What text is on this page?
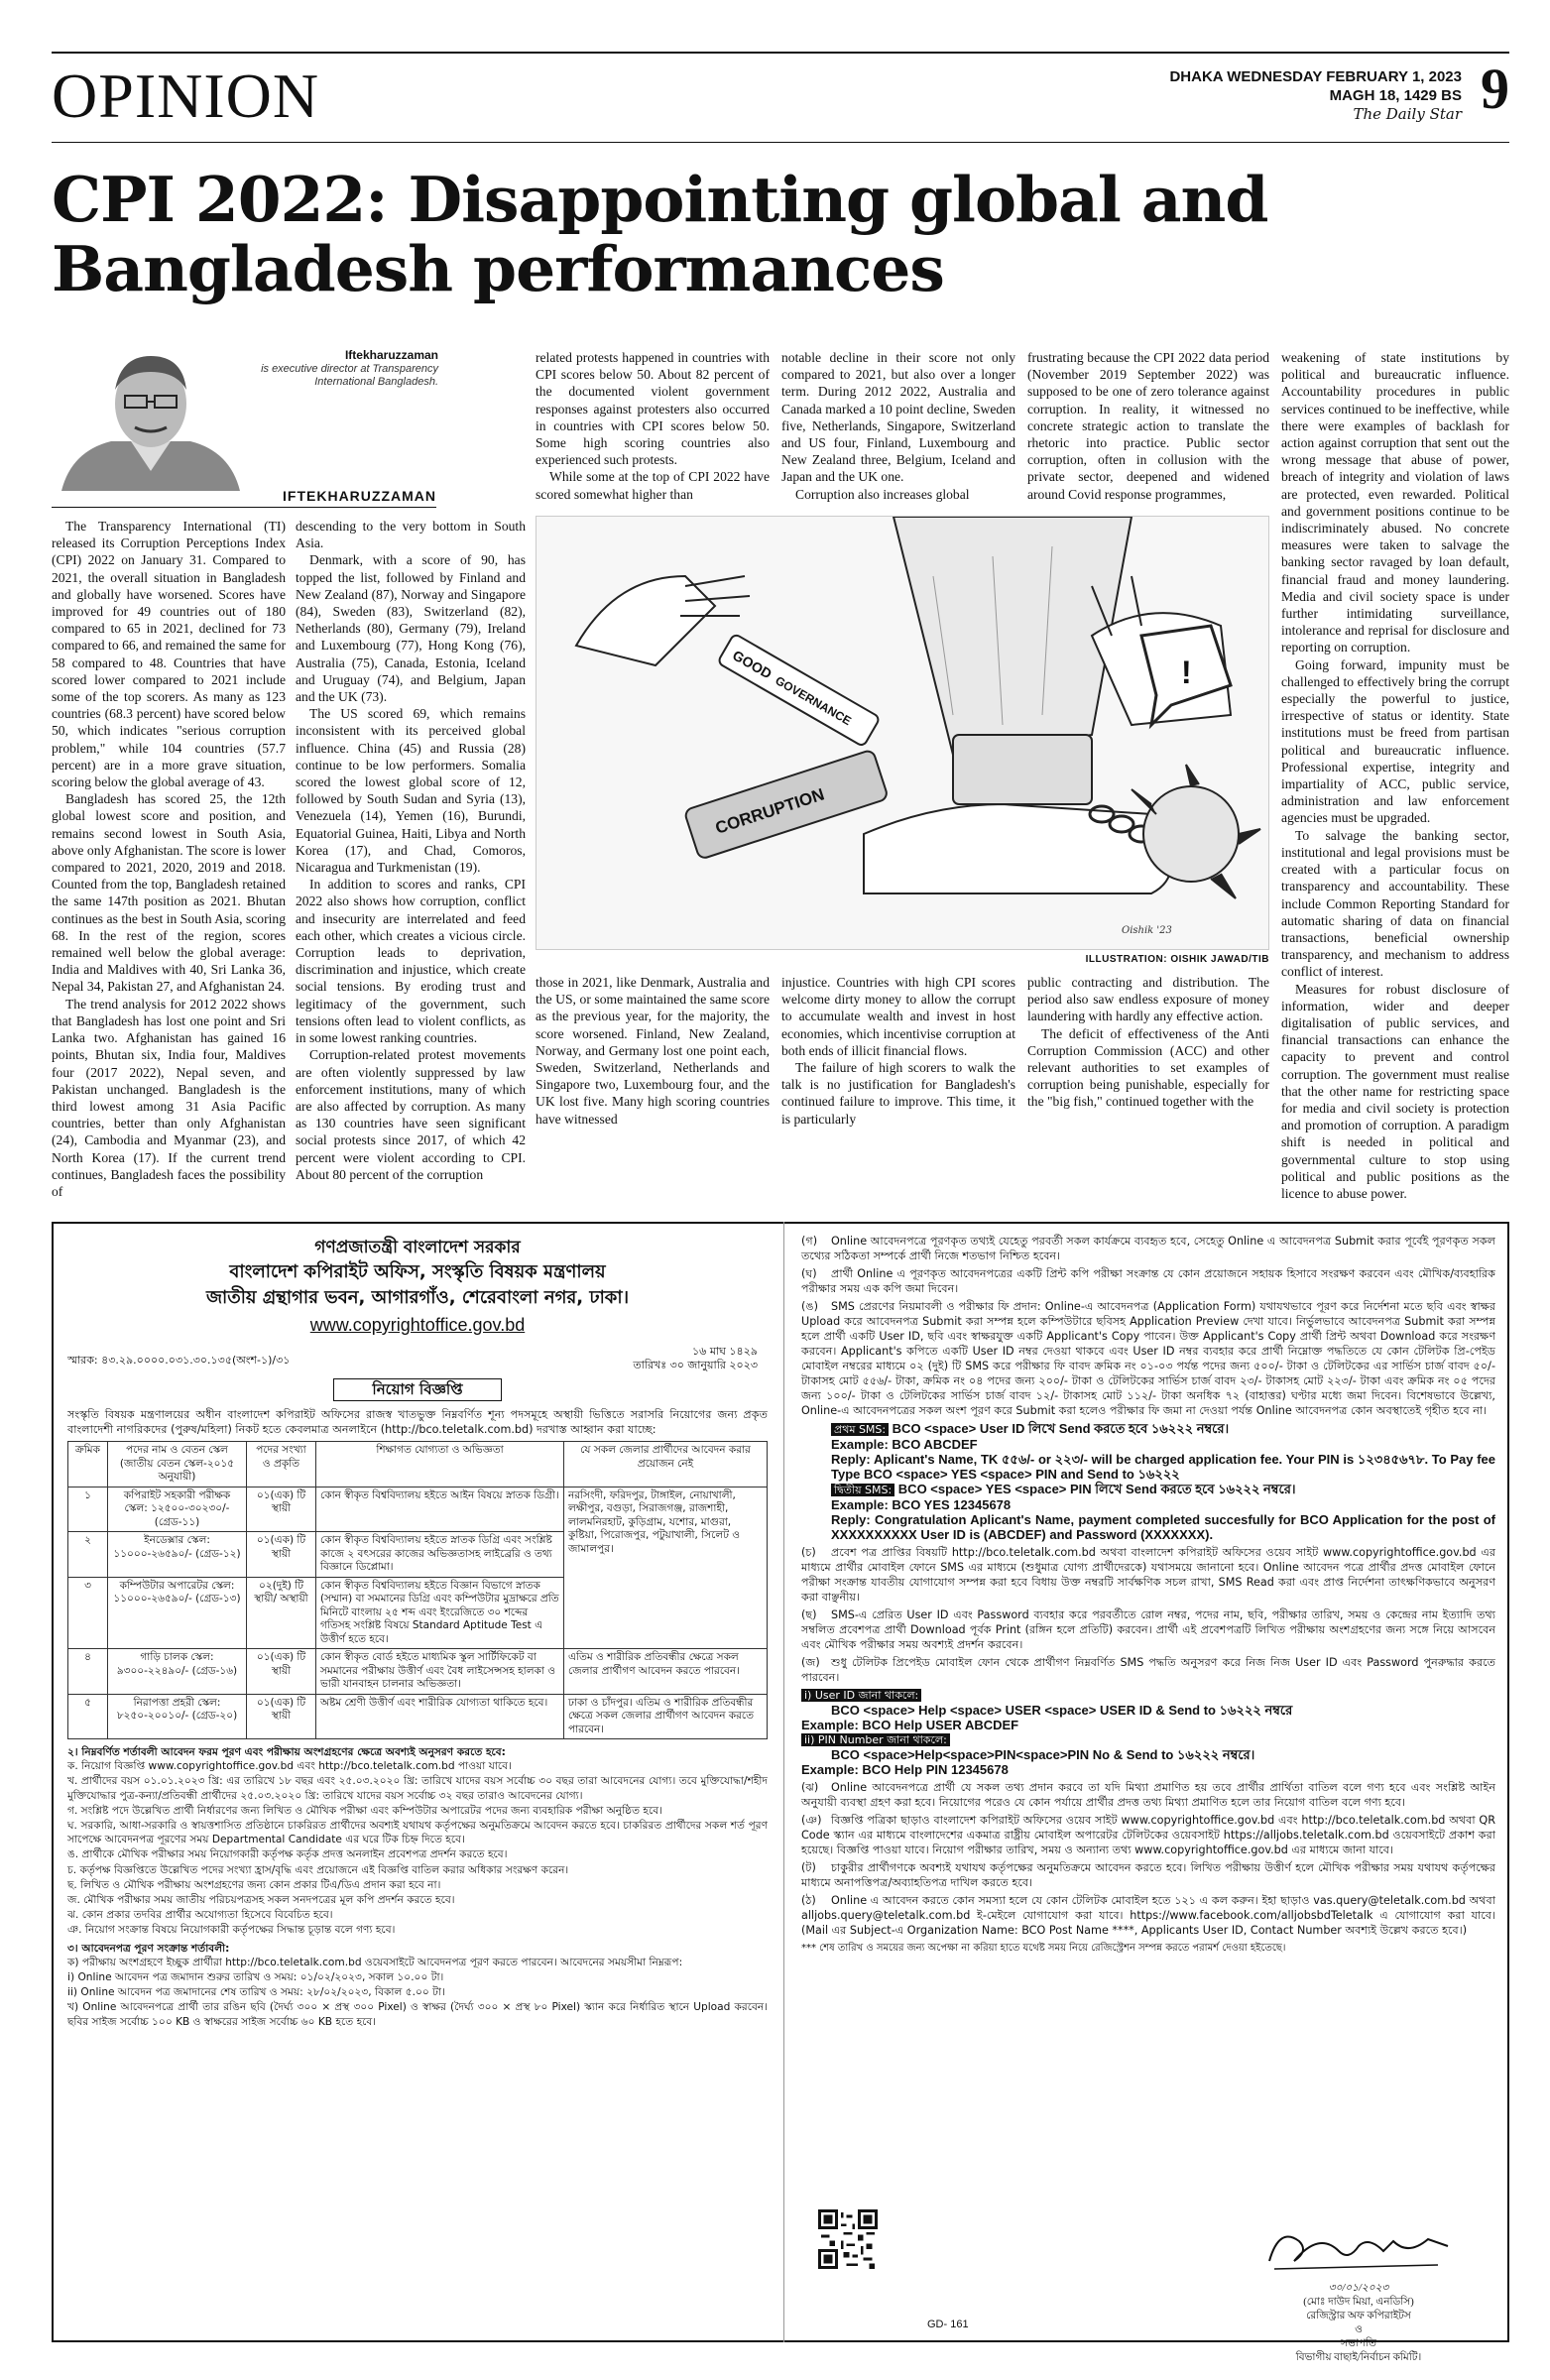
OPINION	DHAKA WEDNESDAY FEBRUARY 1, 2023
MAGH 18, 1429 BS
The Daily Star 9
CPI 2022: Disappointing global and
Bangladesh performances
Iftekharuzzaman
is executive director at Transparency International Bangladesh.
IFTEKHARUZZAMAN

The Transparency International (TI) released its Corruption Perceptions Index (CPI) 2022 on January 31. Compared to 2021, the overall situation in Bangladesh and globally have worsened. Scores have improved for 49 countries out of 180 compared to 65 in 2021, declined for 73 compared to 66, and remained the same for 58 compared to 48. Countries that have scored lower compared to 2021 include some of the top scorers. As many as 123 countries (68.3 percent) have scored below 50, which indicates "serious corruption problem," while 104 countries (57.7 percent) are in a more grave situation, scoring below the global average of 43.

Bangladesh has scored 25, the 12th global lowest score and position, and remains second lowest in South Asia, above only Afghanistan. The score is lower compared to 2021, 2020, 2019 and 2018. Counted from the top, Bangladesh retained the same 147th position as 2021. Bhutan continues as the best in South Asia, scoring 68. In the rest of the region, scores remained well below the global average: India and Maldives with 40, Sri Lanka 36, Nepal 34, Pakistan 27, and Afghanistan 24.

The trend analysis for 2012 2022 shows that Bangladesh has lost one point and Sri Lanka two. Afghanistan has gained 16 points, Bhutan six, India four, Maldives four (2017 2022), Nepal seven, and Pakistan unchanged. Bangladesh is the third lowest among 31 Asia Pacific countries, better than only Afghanistan (24), Cambodia and Myanmar (23), and North Korea (17). If the current trend continues, Bangladesh faces the possibility of

descending to the very bottom in South Asia.

Denmark, with a score of 90, has topped the list, followed by Finland and New Zealand (87), Norway and Singapore (84), Sweden (83), Switzerland (82), Netherlands (80), Germany (79), Ireland and Luxembourg (77), Hong Kong (76), Australia (75), Canada, Estonia, Iceland and Uruguay (74), and Belgium, Japan and the UK (73).

The US scored 69, which remains inconsistent with its perceived global influence. China (45) and Russia (28) continue to be low performers. Somalia scored the lowest global score of 12, followed by South Sudan and Syria (13), Venezuela (14), Yemen (16), Burundi, Equatorial Guinea, Haiti, Libya and North Korea (17), and Chad, Comoros, Nicaragua and Turkmenistan (19).

In addition to scores and ranks, CPI 2022 also shows how corruption, conflict and insecurity are interrelated and feed each other, which creates a vicious circle. Corruption leads to deprivation, discrimination and injustice, which create social tensions. By eroding trust and legitimacy of the government, such tensions often lead to violent conflicts, as in some lowest ranking countries.

Corruption-related protest movements are often violently suppressed by law enforcement institutions, many of which are also affected by corruption. As many as 130 countries have seen significant social protests since 2017, of which 42 percent were violent according to CPI. About 80 percent of the corruption

related protests happened in countries with CPI scores below 50. About 82 percent of the documented violent government responses against protesters also occurred in countries with CPI scores below 50. Some high scoring countries also experienced such protests.

While some at the top of CPI 2022 have scored somewhat higher than

notable decline in their score not only compared to 2021, but also over a longer term. During 2012 2022, Australia and Canada marked a 10 point decline, Sweden five, Netherlands, Singapore, Switzerland and US four, Finland, Luxembourg and New Zealand three, Belgium, Iceland and Japan and the UK one.

Corruption also increases global

frustrating because the CPI 2022 data period (November 2019 September 2022) was supposed to be one of zero tolerance against corruption. In reality, it witnessed no concrete strategic action to translate the rhetoric into practice. Public sector corruption, often in collusion with the private sector, deepened and widened around Covid response programmes,

GOOD
GOVERNANCE
CORRUPTION
!
Oishik '23
ILLUSTRATION: OISHIK JAWAD/TIB

those in 2021, like Denmark, Australia and the US, or some maintained the same score as the previous year, for the majority, the score worsened. Finland, New Zealand, Norway, and Germany lost one point each, Sweden, Switzerland, Netherlands and Singapore two, Luxembourg four, and the UK lost five. Many high scoring countries have witnessed

injustice. Countries with high CPI scores welcome dirty money to allow the corrupt to accumulate wealth and invest in host economies, which incentivise corruption at both ends of illicit financial flows.

The failure of high scorers to walk the talk is no justification for Bangladesh's continued failure to improve. This time, it is particularly

public contracting and distribution. The period also saw endless exposure of money laundering with hardly any effective action.

The deficit of effectiveness of the Anti Corruption Commission (ACC) and other relevant authorities to set examples of corruption being punishable, especially for the "big fish," continued together with the

weakening of state institutions by political and bureaucratic influence. Accountability procedures in public services continued to be ineffective, while there were examples of backlash for action against corruption that sent out the wrong message that abuse of power, breach of integrity and violation of laws are protected, even rewarded. Political and government positions continue to be indiscriminately abused. No concrete measures were taken to salvage the banking sector ravaged by loan default, financial fraud and money laundering. Media and civil society space is under further intimidating surveillance, intolerance and reprisal for disclosure and reporting on corruption.

Going forward, impunity must be challenged to effectively bring the corrupt especially the powerful to justice, irrespective of status or identity. State institutions must be freed from partisan political and bureaucratic influence. Professional expertise, integrity and impartiality of ACC, public service, administration and law enforcement agencies must be upgraded.

To salvage the banking sector, institutional and legal provisions must be created with a particular focus on transparency and accountability. These include Common Reporting Standard for automatic sharing of data on financial transactions, beneficial ownership transparency, and mechanism to address conflict of interest.

Measures for robust disclosure of information, wider and deeper digitalisation of public services, and financial transactions can enhance the capacity to prevent and control corruption. The government must realise that the other name for restricting space for media and civil society is protection and promotion of corruption. A paradigm shift is needed in political and governmental culture to stop using political and public positions as the licence to abuse power.

গণপ্রজাতন্ত্রী বাংলাদেশ সরকার
বাংলাদেশ কপিরাইট অফিস, সংস্কৃতি বিষয়ক মন্ত্রণালয়
জাতীয় গ্রন্থাগার ভবন, আগারগাঁও, শেরেবাংলা নগর, ঢাকা।
www.copyrightoffice.gov.bd
স্মারক: ৪৩.২৯.০০০০.০৩১.৩০.১৩৫(অংশ-১)/৩১
১৬ মাঘ ১৪২৯
তারিখঃ ৩০ জানুয়ারি ২০২৩
নিয়োগ বিজ্ঞপ্তি
সংস্কৃতি বিষয়ক মন্ত্রণালয়ের অধীন বাংলাদেশ কপিরাইট অফিসের রাজস্ব খাতভুক্ত নিম্নবর্ণিত শূন্য পদসমূহে অস্থায়ী ভিত্তিতে সরাসরি নিয়োগের জন্য প্রকৃত বাংলাদেশী নাগরিকদের (পুরুষ/মহিলা) নিকট হতে কেবলমাত্র অনলাইনে (http://bco.teletalk.com.bd) দরখাস্ত আহ্বান করা যাচ্ছে:
ক্রমিক	পদের নাম ও বেতন স্কেল (জাতীয় বেতন স্কেল-২০১৫ অনুযায়ী)	পদের সংখ্যা ও প্রকৃতি	শিক্ষাগত যোগ্যতা ও অভিজ্ঞতা	যে সকল জেলার প্রার্থীদের আবেদন করার প্রয়োজন নেই
১	কপিরাইট সহকারী পরীক্ষক স্কেল: ১২৫০০-৩০২৩০/- (গ্রেড-১১)	০১(এক) টি স্থায়ী	কোন স্বীকৃত বিশ্ববিদ্যালয় হইতে আইন বিষয়ে স্নাতক ডিগ্রী।	নরসিংদী, ফরিদপুর, টাঙ্গাইল, নোয়াখালী, লক্ষীপুর, বগুড়া, সিরাজগঞ্জ, রাজশাহী, লালমনিরহাট, কুড়িগ্রাম, যশোর, মাগুরা, কুষ্টিয়া, পিরোজপুর, পটুয়াখালী, সিলেট ও জামালপুর।
২	ইনডেক্সার স্কেল: ১১০০০-২৬৫৯০/- (গ্রেড-১২)	০১(এক) টি স্থায়ী	কোন স্বীকৃত বিশ্ববিদ্যালয় হইতে স্নাতক ডিগ্রি এবং সংশ্লিষ্ট কাজে ২ বৎসরের কাজের অভিজ্ঞতাসহ লাইব্রেরি ও তথ্য বিজ্ঞানে ডিপ্লোমা।	
৩	কম্পিউটার অপারেটর স্কেল: ১১০০০-২৬৫৯০/- (গ্রেড-১৩)	০২(দুই) টি স্থায়ী/ অস্থায়ী	কোন স্বীকৃত বিশ্ববিদ্যালয় হইতে বিজ্ঞান বিভাগে স্নাতক (সম্মান) বা সমমানের ডিগ্রি এবং কম্পিউটার মুদ্রাক্ষরে প্রতি মিনিটে বাংলায় ২৫ শব্দ এবং ইংরেজিতে ৩০ শব্দের গতিসহ সংশ্লিষ্ট বিষয়ে Standard Aptitude Test এ উত্তীর্ণ হতে হবে।	
৪	গাড়ি চালক স্কেল: ৯৩০০-২২৪৯০/- (গ্রেড-১৬)	০১(এক) টি স্থায়ী	কোন স্বীকৃত বোর্ড হইতে মাধ্যমিক স্কুল সার্টিফিকেট বা সমমানের পরীক্ষায় উত্তীর্ণ এবং বৈধ লাইসেন্সসহ হালকা ও ভারী যানবাহন চালনার অভিজ্ঞতা।	এতিম ও শারীরিক প্রতিবন্ধীর ক্ষেত্রে সকল জেলার প্রার্থীগণ আবেদন করতে পারবেন।
৫	নিরাপত্তা প্রহরী স্কেল: ৮২৫০-২০০১০/- (গ্রেড-২০)	০১(এক) টি স্থায়ী	অষ্টম শ্রেণী উত্তীর্ণ এবং শারীরিক যোগ্যতা থাকিতে হবে।	ঢাকা ও চাঁদপুর। এতিম ও শারীরিক প্রতিবন্ধীর ক্ষেত্রে সকল জেলার প্রার্থীগণ আবেদন করতে পারবেন।
২। নিম্নবর্ণিত শর্তাবলী আবেদন ফরম পূরণ এবং পরীক্ষায় অংশগ্রহণের ক্ষেত্রে অবশ্যই অনুসরণ করতে হবে:

ক. নিয়োগ বিজ্ঞপ্তি www.copyrightoffice.gov.bd এবং http://bco.teletalk.com.bd পাওয়া যাবে।

খ. প্রার্থীদের বয়স ০১.০১.২০২৩ খ্রি: এর তারিখে ১৮ বছর এবং ২৫.০৩.২০২০ খ্রি: তারিখে যাদের বয়স সর্বোচ্চ ৩০ বছর তারা আবেদনের যোগ্য। তবে মুক্তিযোদ্ধা/শহীদ মুক্তিযোদ্ধার পুত্র-কন্যা/প্রতিবন্ধী প্রার্থীদের ২৫.০৩.২০২০ খ্রি: তারিখে যাদের বয়স সর্বোচ্চ ৩২ বছর তারাও আবেদনের যোগ্য।

গ. সংশ্লিষ্ট পদে উল্লেখিত প্রার্থী নির্ধারণের জন্য লিখিত ও মৌখিক পরীক্ষা এবং কম্পিউটার অপারেটর পদের জন্য ব্যবহারিক পরীক্ষা অনুষ্ঠিত হবে।

ঘ. সরকারি, আধা-সরকারি ও স্বায়ত্তশাসিত প্রতিষ্ঠানে চাকরিরত প্রার্থীদের অবশ্যই যথাযথ কর্তৃপক্ষের অনুমতিক্রমে আবেদন করতে হবে। চাকরিরত প্রার্থীদের সকল শর্ত পূরণ সাপেক্ষে আবেদনপত্র পূরণের সময় Departmental Candidate এর ঘরে টিক চিহ্ন দিতে হবে।

ঙ. প্রার্থীকে মৌখিক পরীক্ষার সময় নিয়োগকারী কর্তৃপক্ষ কর্তৃক প্রদত্ত অনলাইন প্রবেশপত্র প্রদর্শন করতে হবে।

চ. কর্তৃপক্ষ বিজ্ঞপ্তিতে উল্লেখিত পদের সংখ্যা হ্রাস/বৃদ্ধি এবং প্রয়োজনে এই বিজ্ঞপ্তি বাতিল করার অধিকার সংরক্ষণ করেন।

ছ. লিখিত ও মৌখিক পরীক্ষায় অংশগ্রহণের জন্য কোন প্রকার টিএ/ডিএ প্রদান করা হবে না।

জ. মৌখিক পরীক্ষার সময় জাতীয় পরিচয়পত্রসহ সকল সনদপত্রের মূল কপি প্রদর্শন করতে হবে।

ঝ. কোন প্রকার তদবির প্রার্থীর অযোগ্যতা হিসেবে বিবেচিত হবে।

ঞ. নিয়োগ সংক্রান্ত বিষয়ে নিয়োগকারী কর্তৃপক্ষের সিদ্ধান্ত চূড়ান্ত বলে গণ্য হবে।

৩। আবেদনপত্র পূরণ সংক্রান্ত শর্তাবলী:

ক) পরীক্ষায় অংশগ্রহণে ইচ্ছুক প্রার্থীরা http://bco.teletalk.com.bd ওয়েবসাইটে আবেদনপত্র পূরণ করতে পারবেন। আবেদনের সময়সীমা নিম্নরূপ:

i) Online আবেদন পত্র জমাদান শুরুর তারিখ ও সময়: ০১/০২/২০২৩, সকাল ১০.০০ টা।

ii) Online আবেদন পত্র জমাদানের শেষ তারিখ ও সময়: ২৮/০২/২০২৩, বিকাল ৫.০০ টা।

খ) Online আবেদনপত্রে প্রার্থী তার রঙিন ছবি (দৈর্ঘ্য ৩০০ × প্রস্থ ৩০০ Pixel) ও স্বাক্ষর (দৈর্ঘ্য ৩০০ × প্রস্থ ৮০ Pixel) স্ক্যান করে নির্ধারিত স্থানে Upload করবেন। ছবির সাইজ সর্বোচ্চ ১০০ KB ও স্বাক্ষরের সাইজ সর্বোচ্চ ৬০ KB হতে হবে।

(গ) Online আবেদনপত্রে পূরণকৃত তথ্যই যেহেতু পরবর্তী সকল কার্যক্রমে ব্যবহৃত হবে, সেহেতু Online এ আবেদনপত্র Submit করার পূর্বেই পূরণকৃত সকল তথ্যের সঠিকতা সম্পর্কে প্রার্থী নিজে শতভাগ নিশ্চিত হবেন।
(ঘ) প্রার্থী Online এ পূরণকৃত আবেদনপত্রের একটি প্রিন্ট কপি পরীক্ষা সংক্রান্ত যে কোন প্রয়োজনে সহায়ক হিসাবে সংরক্ষণ করবেন এবং মৌখিক/ব্যবহারিক পরীক্ষার সময় এক কপি জমা দিবেন।
(ঙ) SMS প্রেরণের নিয়মাবলী ও পরীক্ষার ফি প্রদান: Online-এ আবেদনপত্র (Application Form) যথাযথভাবে পূরণ করে নির্দেশনা মতে ছবি এবং স্বাক্ষর Upload করে আবেদনপত্র Submit করা সম্পন্ন হলে কম্পিউটারে ছবিসহ Application Preview দেখা যাবে। নির্ভুলভাবে আবেদনপত্র Submit করা সম্পন্ন হলে প্রার্থী একটি User ID, ছবি এবং স্বাক্ষরযুক্ত একটি Applicant's Copy পাবেন। উক্ত Applicant's Copy প্রার্থী প্রিন্ট অথবা Download করে সংরক্ষণ করবেন। Applicant's কপিতে একটি User ID নম্বর দেওয়া থাকবে এবং User ID নম্বর ব্যবহার করে প্রার্থী নিম্নোক্ত পদ্ধতিতে যে কোন টেলিটক প্রি-পেইড মোবাইল নম্বরের মাধ্যমে ০২ (দুই) টি SMS করে পরীক্ষার ফি বাবদ ক্রমিক নং ০১-০৩ পর্যন্ত পদের জন্য ৫০০/- টাকা ও টেলিটকের এর সার্ভিস চার্জ বাবদ ৫০/- টাকাসহ মোট ৫৫৬/- টাকা, ক্রমিক নং ০৪ পদের জন্য ২০০/- টাকা ও টেলিটকের সার্ভিস চার্জ বাবদ ২৩/- টাকাসহ মোট ২২৩/- টাকা এবং ক্রমিক নং ০৫ পদের জন্য ১০০/- টাকা ও টেলিটকের সার্ভিস চার্জ বাবদ ১২/- টাকাসহ মোট ১১২/- টাকা অনধিক ৭২ (বাহাত্তর) ঘণ্টার মধ্যে জমা দিবেন। বিশেষভাবে উল্লেখ্য, Online-এ আবেদনপত্রের সকল অংশ পূরণ করে Submit করা হলেও পরীক্ষার ফি জমা না দেওয়া পর্যন্ত Online আবেদনপত্র কোন অবস্থাতেই গৃহীত হবে না।
প্রথম SMS: BCO <space> User ID লিখে Send করতে হবে ১৬২২২ নম্বরে।
Example: BCO ABCDEF
Reply: Aplicant's Name, TK ৫৫৬/- or ২২৩/- will be charged application fee. Your PIN is ১২৩৪৫৬৭৮. To Pay fee Type BCO <space> YES <space> PIN and Send to ১৬২২২
দ্বিতীয় SMS: BCO <space> YES <space> PIN লিখে Send করতে হবে ১৬২২২ নম্বরে।
Example: BCO YES 12345678
Reply: Congratulation Aplicant's Name, payment completed succesfully for BCO Application for the post of XXXXXXXXXX User ID is (ABCDEF) and Password (XXXXXXX).
(চ) প্রবেশ পত্র প্রাপ্তির বিষয়টি http://bco.teletalk.com.bd অথবা বাংলাদেশ কপিরাইট অফিসের ওয়েব সাইট www.copyrightoffice.gov.bd এর মাধ্যমে প্রার্থীর মোবাইল ফোনে SMS এর মাধ্যমে (শুধুমাত্র যোগ্য প্রার্থীদেরকে) যথাসময়ে জানানো হবে। Online আবেদন পত্রে প্রার্থীর প্রদত্ত মোবাইল ফোনে পরীক্ষা সংক্রান্ত যাবতীয় যোগাযোগ সম্পন্ন করা হবে বিধায় উক্ত নম্বরটি সার্বক্ষণিক সচল রাখা, SMS Read করা এবং প্রাপ্ত নির্দেশনা তাৎক্ষণিকভাবে অনুসরণ করা বাঞ্ছনীয়।
(ছ) SMS-এ প্রেরিত User ID এবং Password ব্যবহার করে পরবর্তীতে রোল নম্বর, পদের নাম, ছবি, পরীক্ষার তারিখ, সময় ও কেন্দ্রের নাম ইত্যাদি তথ্য সম্বলিত প্রবেশপত্র প্রার্থী Download পূর্বক Print (রঙ্গিন হলে প্রতিটি) করবেন। প্রার্থী এই প্রবেশপত্রটি লিখিত পরীক্ষায় অংশগ্রহণের জন্য সঙ্গে নিয়ে আসবেন এবং মৌখিক পরীক্ষার সময় অবশ্যই প্রদর্শন করবেন।
(জ) শুধু টেলিটক প্রিপেইড মোবাইল ফোন থেকে প্রার্থীগণ নিম্নবর্ণিত SMS পদ্ধতি অনুসরণ করে নিজ নিজ User ID এবং Password পুনরুদ্ধার করতে পারবেন।
i) User ID জানা থাকলে:
BCO <space> Help <space> USER <space> USER ID & Send to ১৬২২২ নম্বরে
Example: BCO Help USER ABCDEF
ii) PIN Number জানা থাকলে:
BCO <space>Help<space>PIN<space>PIN No & Send to ১৬২২২ নম্বরে।
Example: BCO Help PIN 12345678
(ঝ) Online আবেদনপত্রে প্রার্থী যে সকল তথ্য প্রদান করবে তা যদি মিথ্যা প্রমাণিত হয় তবে প্রার্থীর প্রার্থিতা বাতিল বলে গণ্য হবে এবং সংশ্লিষ্ট আইন অনুযায়ী ব্যবস্থা গ্রহণ করা হবে। নিয়োগের পরেও যে কোন পর্যায়ে প্রার্থীর প্রদত্ত তথ্য মিথ্যা প্রমাণিত হলে তার নিয়োগ বাতিল বলে গণ্য হবে।
(ঞ) বিজ্ঞপ্তি পত্রিকা ছাড়াও বাংলাদেশ কপিরাইট অফিসের ওয়েব সাইট www.copyrightoffice.gov.bd এবং http://bco.teletalk.com.bd অথবা QR Code স্ক্যান এর মাধ্যমে বাংলাদেশের একমাত্র রাষ্ট্রীয় মোবাইল অপারেটর টেলিটকের ওয়েবসাইট https://alljobs.teletalk.com.bd ওয়েবসাইটে প্রকাশ করা হয়েছে। বিজ্ঞপ্তি পাওয়া যাবে। নিয়োগ পরীক্ষার তারিখ, সময় ও অন্যান্য তথ্য www.copyrightoffice.gov.bd এর মাধ্যমে জানা যাবে।
(ট) চাকুরীর প্রার্থীগণকে অবশ্যই যথাযথ কর্তৃপক্ষের অনুমতিক্রমে আবেদন করতে হবে। লিখিত পরীক্ষায় উত্তীর্ণ হলে মৌখিক পরীক্ষার সময় যথাযথ কর্তৃপক্ষের মাধ্যমে অনাপত্তিপত্র/অব্যাহতিপত্র দাখিল করতে হবে।
(ঠ) Online এ আবেদন করতে কোন সমস্যা হলে যে কোন টেলিটক মোবাইল হতে ১২১ এ কল করুন। ইহা ছাড়াও vas.query@teletalk.com.bd অথবা alljobs.query@teletalk.com.bd ই-মেইলে যোগাযোগ করা যাবে। https://www.facebook.com/alljobsbdTeletalk এ যোগাযোগ করা যাবে। (Mail এর Subject-এ Organization Name: BCO Post Name ****, Applicants User ID, Contact Number অবশ্যই উল্লেখ করতে হবে।)
*** শেষ তারিখ ও সময়ের জন্য অপেক্ষা না করিয়া হাতে যথেষ্ট সময় নিয়ে রেজিস্ট্রেশন সম্পন্ন করতে পরামর্শ দেওয়া হইতেছে।
৩০/০১/২০২৩
(মোঃ দাউদ মিয়া, এনডিসি)
রেজিস্ট্রার অফ কপিরাইটস
ও
সভাপতি
বিভাগীয় বাছাই/নির্বাচন কমিটি।
GD- 161
